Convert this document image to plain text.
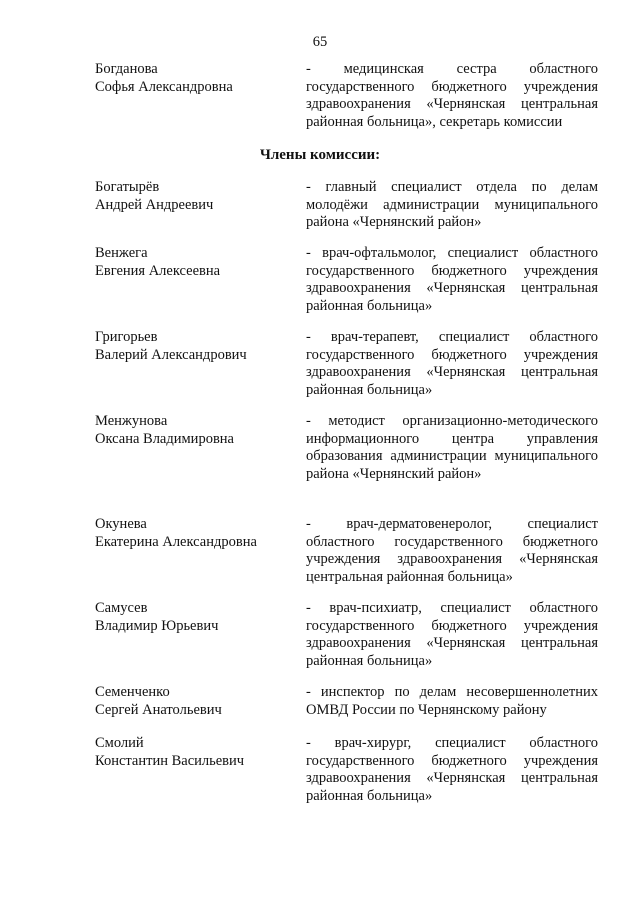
65
Богданова
Софья Александровна
- медицинская сестра областного государственного бюджетного учреждения здравоохранения «Чернянская центральная районная больница», секретарь комиссии
Члены комиссии:
Богатырёв
Андрей Андреевич
- главный специалист отдела по делам молодёжи администрации муниципального района «Чернянский район»
Венжега
Евгения Алексеевна
- врач-офтальмолог, специалист областного государственного бюджетного учреждения здравоохранения «Чернянская центральная районная больница»
Григорьев
Валерий Александрович
- врач-терапевт, специалист областного государственного бюджетного учреждения здравоохранения «Чернянская центральная районная больница»
Менжунова
Оксана Владимировна
- методист организационно-методического информационного центра управления образования администрации муниципального района «Чернянский район»
Окунева
Екатерина Александровна
- врач-дерматовенеролог, специалист областного государственного бюджетного учреждения здравоохранения «Чернянская центральная районная больница»
Самусев
Владимир Юрьевич
- врач-психиатр, специалист областного государственного бюджетного учреждения здравоохранения «Чернянская центральная районная больница»
Семенченко
Сергей Анатольевич
- инспектор по делам несовершеннолетних ОМВД России по Чернянскому району
Смолий
Константин Васильевич
- врач-хирург, специалист областного государственного бюджетного учреждения здравоохранения «Чернянская центральная районная больница»
